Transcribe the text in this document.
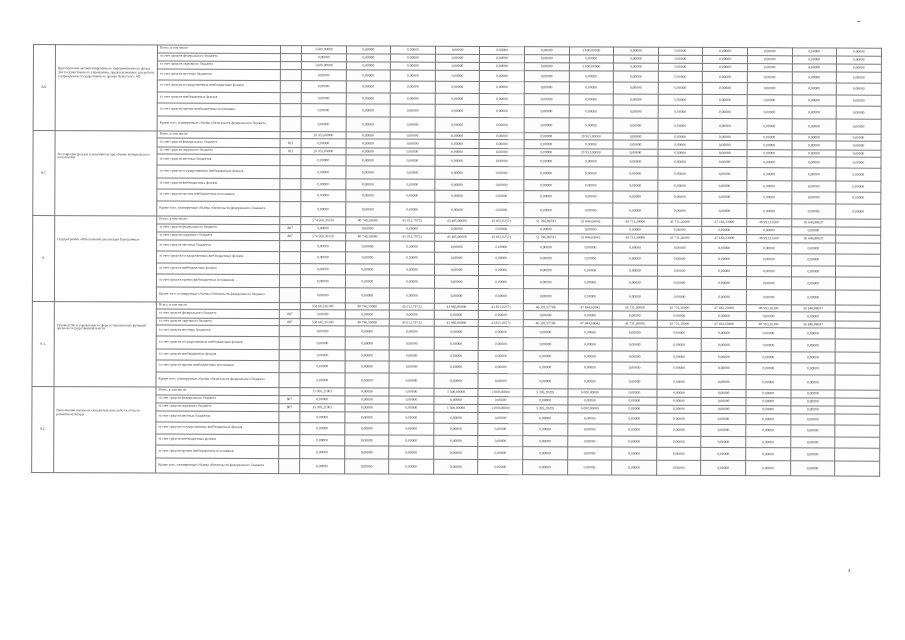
-
8.6.	Приобретение автоматизированного информационного фонда для государственного учреждения, предназначенных для работы в учреждении Государственного архива Чукотского АО	Всего, в том числе:		3 600,00000	0,00000	0,00000	0,00000	0,00000	0,00000	3 600,00000	0,00000	0,00000	0,00000	0,00000	0,00000	0,00000
		за счет средств федерального бюджета		0,00000	0,00000	0,00000	0,00000	0,00000	0,00000	0,00000	0,00000	0,00000	0,00000	0,00000	0,00000	0,00000
		за счет средств окружного бюджета		3 600,00000	0,00000	0,00000	0,00000	0,00000	0,00000	3 600,00000	0,00000	0,00000	0,00000	0,00000	0,00000	0,00000
		за счет средств местных бюджетов		0,00000	0,00000	0,00000	0,00000	0,00000	0,00000	0,00000	0,00000	0,00000	0,00000	0,00000	0,00000	0,00000
		за счет средств государственных внебюджетных фондов		0,00000	0,00000	0,00000	0,00000	0,00000	0,00000	0,00000	0,00000	0,00000	0,00000	0,00000	0,00000	0,00000
		за счет средств внебюджетных фондов		0,00000	0,00000	0,00000	0,00000	0,00000	0,00000	0,00000	0,00000	0,00000	0,00000	0,00000	0,00000	0,00000
		за счет средств прочих внебюджетных источников		0,00000	0,00000	0,00000	0,00000	0,00000	0,00000	0,00000	0,00000	0,00000	0,00000	0,00000	0,00000	0,00000
		Кроме того, планируемые объемы обязательств федерального бюджета		0,00000	0,00000	0,00000	0,00000	0,00000	0,00000	0,00000	0,00000	0,00000	0,00000	0,00000	0,00000	0,00000
8.7.	Реставрация фондов и документов при объеме материального наполнения	Всего, в том числе:		20 953,00000	0,00000	0,00000	0,00000	0,00000	0,00000	20 953,00000	0,00000	0,00000	0,00000	0,00000	0,00000	0,00000
		за счет средств федерального бюджета	812	0,00000	0,00000	0,00000	0,00000	0,00000	0,00000	0,00000	0,00000	0,00000	0,00000	0,00000	0,00000	0,00000
		за счет средств окружного бюджета	812	20 953,00000	0,00000	0,00000	0,00000	0,00000	0,00000	20 953,00000	0,00000	0,00000	0,00000	0,00000	0,00000	0,00000
		за счет средств местных бюджетов		0,00000	0,00000	0,00000	0,00000	0,00000	0,00000	0,00000	0,00000	0,00000	0,00000	0,00000	0,00000	0,00000
		за счет средств государственных внебюджетных фондов		0,00000	0,00000	0,00000	0,00000	0,00000	0,00000	0,00000	0,00000	0,00000	0,00000	0,00000	0,00000	0,00000
		за счет средств внебюджетных фондов		0,00000	0,00000	0,00000	0,00000	0,00000	0,00000	0,00000	0,00000	0,00000	0,00000	0,00000	0,00000	0,00000
		за счет средств прочих внебюджетных источников		0,00000	0,00000	0,00000	0,00000	0,00000	0,00000	0,00000	0,00000	0,00000	0,00000	0,00000	0,00000	0,00000
		Кроме того, планируемые объемы обязательств федерального бюджета		0,00000	0,00000	0,00000	0,00000	0,00000	0,00000	0,00000	0,00000	0,00000	0,00000	0,00000	0,00000	0,00000
9.	Подпрограмма «Обеспечение реализации Программы»	Всего, в том числе:		574 568,36350	40 740,59080	45 012,79732	43 485,00000	45 851,02571	51 786,09793	53 844,69042	49 731,20000	45 731,20000	47 183,23900	48 993,16300	56 646,88637	
		за счет средств федерального бюджета	807	0,00000	0,00000	0,00000	0,00000	0,00000	0,00000	0,00000	0,00000	0,00000	0,00000	0,00000	0,00000	
		за счет средств окружного бюджета	807	574 568,36350	40 740,59080	45 012,79732	43 485,00000	45 851,02571	51 786,09793	53 844,69042	49 731,20000	45 731,20000	47 183,23900	48 993,16300	56 646,88637	
		за счет средств местных бюджетов		0,00000	0,00000	0,00000	0,00000	0,00000	0,00000	0,00000	0,00000	0,00000	0,00000	0,00000	0,00000	
		за счет средств государственных внебюджетных фондов		0,00000	0,00000	0,00000	0,00000	0,00000	0,00000	0,00000	0,00000	0,00000	0,00000	0,00000	0,00000	
		за счет средств внебюджетных фондов		0,00000	0,00000	0,00000	0,00000	0,00000	0,00000	0,00000	0,00000	0,00000	0,00000	0,00000	0,00000	
		за счет средств прочих внебюджетных источников		0,00000	0,00000	0,00000	0,00000	0,00000	0,00000	0,00000	0,00000	0,00000	0,00000	0,00000	0,00000	
		Кроме того, планируемые объемы обязательств федерального бюджета		0,00000	0,00000	0,00000	0,00000	0,00000	0,00000	0,00000	0,00000	0,00000	0,00000	0,00000	0,00000	
9.1.	Руководство и управление в сфере установленных функций органов государственной власти	Всего, в том числе:		558 663,16300	40 740,59080	45 012,79732	41 985,00000	43 851,02571	46 391,97786	47 844,69042	45 731,20000	45 731,20000	47 183,23900	48 993,16300	56 646,88637	
		за счет средств федерального бюджета	807	0,00000	0,00000	0,00000	0,00000	0,00000	0,00000	0,00000	0,00000	0,00000	0,00000	0,00000	0,00000	
		за счет средств окружного бюджета	807	558 663,16300	40 740,59080	45 012,79732	41 985,00000	43 851,02571	46 391,97786	47 844,69042	45 731,20000	45 731,20000	47 183,23900	48 993,16300	56 646,88637	
		за счет средств местных бюджетов		0,00000	0,00000	0,00000	0,00000	0,00000	0,00000	0,00000	0,00000	0,00000	0,00000	0,00000	0,00000	
		за счет средств государственных внебюджетных фондов		0,00000	0,00000	0,00000	0,00000	0,00000	0,00000	0,00000	0,00000	0,00000	0,00000	0,00000	0,00000	
		за счет средств внебюджетных фондов		0,00000	0,00000	0,00000	0,00000	0,00000	0,00000	0,00000	0,00000	0,00000	0,00000	0,00000	0,00000	
		за счет средств прочих внебюджетных источников		0,00000	0,00000	0,00000	0,00000	0,00000	0,00000	0,00000	0,00000	0,00000	0,00000	0,00000	0,00000	
		Кроме того, планируемые объемы обязательств федерального бюджета		0,00000	0,00000	0,00000	0,00000	0,00000	0,00000	0,00000	0,00000	0,00000	0,00000	0,00000	0,00000	
9.2.	Выполнение научно-исследовательских работ в области развития культуры	Всего, в том числе:		15 905,21003	0,00000	0,00000	1 500,00000	2 000,00000	5 395,20203	6 000,00000	0,00000	0,00000	0,00000	0,00000	0,00000	
		за счет средств федерального бюджета	807	0,00000	0,00000	0,00000	0,00000	0,00000	0,00000	0,00000	0,00000	0,00000	0,00000	0,00000	0,00000	
		за счет средств окружного бюджета	807	15 905,21003	0,00000	0,00000	1 500,00000	2 000,00000	5 395,20203	6 000,00000	0,00000	0,00000	0,00000	0,00000	0,00000	
		за счет средств местных бюджетов		0,00000	0,00000	0,00000	0,00000	0,00000	0,00000	0,00000	0,00000	0,00000	0,00000	0,00000	0,00000	
		за счет средств государственных внебюджетных фондов		0,00000	0,00000	0,00000	0,00000	0,00000	0,00000	0,00000	0,00000	0,00000	0,00000	0,00000	0,00000	
		за счет средств внебюджетных фондов		0,00000	0,00000	0,00000	0,00000	0,00000	0,00000	0,00000	0,00000	0,00000	0,00000	0,00000	0,00000	
		за счет средств прочих внебюджетных источников		0,00000	0,00000	0,00000	0,00000	0,00000	0,00000	0,00000	0,00000	0,00000	0,00000	0,00000	0,00000	
		Кроме того, планируемые объемы обязательств федерального бюджета		0,00000	0,00000	0,00000	0,00000	0,00000	0,00000	0,00000	0,00000	0,00000	0,00000	0,00000	0,00000	
4
